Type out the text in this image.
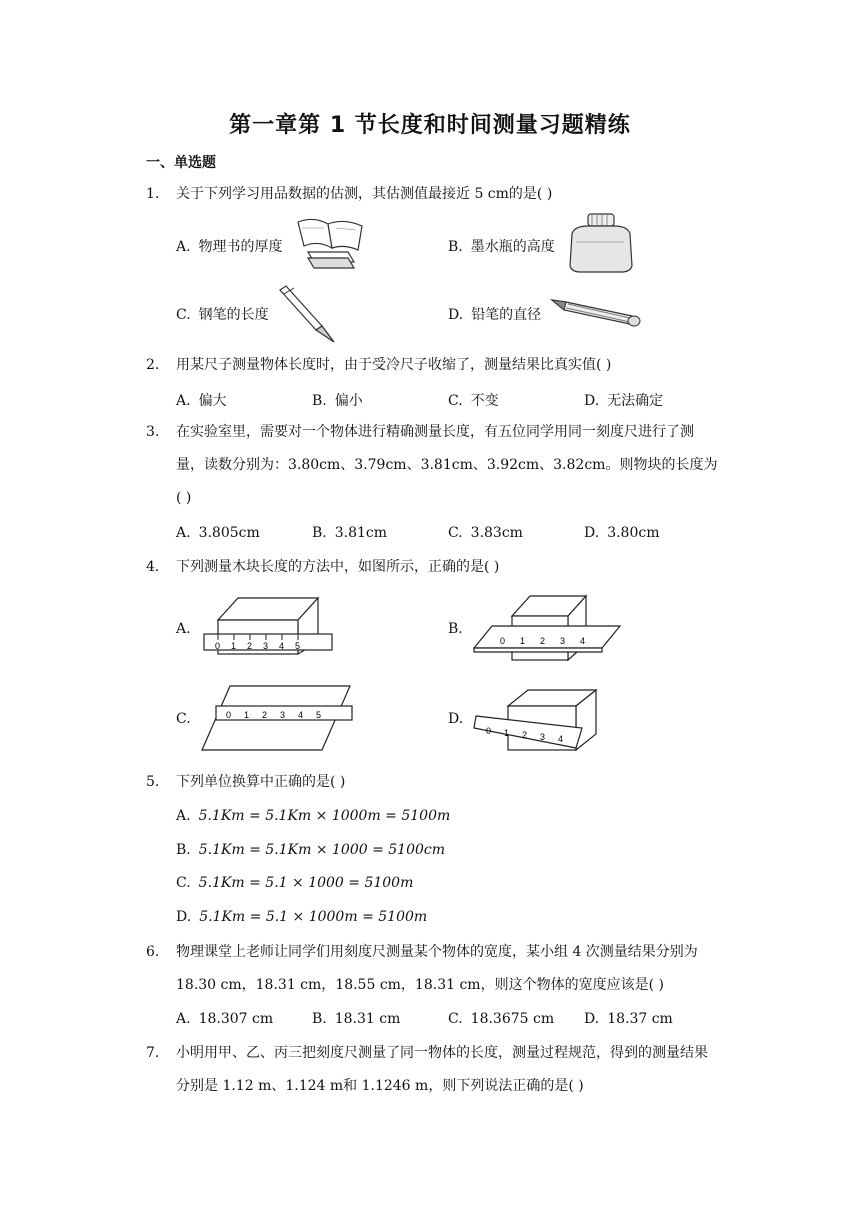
第一章第 1 节长度和时间测量习题精练
一、单选题
1. 关于下列学习用品数据的估测，其估测值最接近 5 cm的是( )
A. 物理书的厚度	B. 墨水瓶的高度
C. 钢笔的长度	D. 铅笔的直径
2. 用某尺子测量物体长度时，由于受冷尺子收缩了，测量结果比真实值( )
A. 偏大	B. 偏小	C. 不变	D. 无法确定
3. 在实验室里，需要对一个物体进行精确测量长度，有五位同学用同一刻度尺进行了测量，读数分别为：3.80cm、3.79cm、3.81cm、3.92cm、3.82cm。则物块的长度为( )
A. 3.805cm	B. 3.81cm	C. 3.83cm	D. 3.80cm
4. 下列测量木块长度的方法中，如图所示，正确的是( )
A.
0 1 2 3 4 5
B.
0 1 2 3 4
C.	0 1 2 3 4 5	D.
0 1 2 3 4
5. 下列单位换算中正确的是( )
A. 5.1Km = 5.1Km × 1000m = 5100m
B. 5.1Km = 5.1Km × 1000 = 5100cm
C. 5.1Km = 5.1 × 1000 = 5100m
D. 5.1Km = 5.1 × 1000m = 5100m
6. 物理课堂上老师让同学们用刻度尺测量某个物体的宽度，某小组 4 次测量结果分别为 18.30 cm，18.31 cm，18.55 cm，18.31 cm，则这个物体的宽度应该是( )
A. 18.307 cm	B. 18.31 cm	C. 18.3675 cm D. 18.37 cm
7. 小明用甲、乙、丙三把刻度尺测量了同一物体的长度，测量过程规范，得到的测量结果分别是 1.12 m、1.124 m和 1.1246 m，则下列说法正确的是( )
